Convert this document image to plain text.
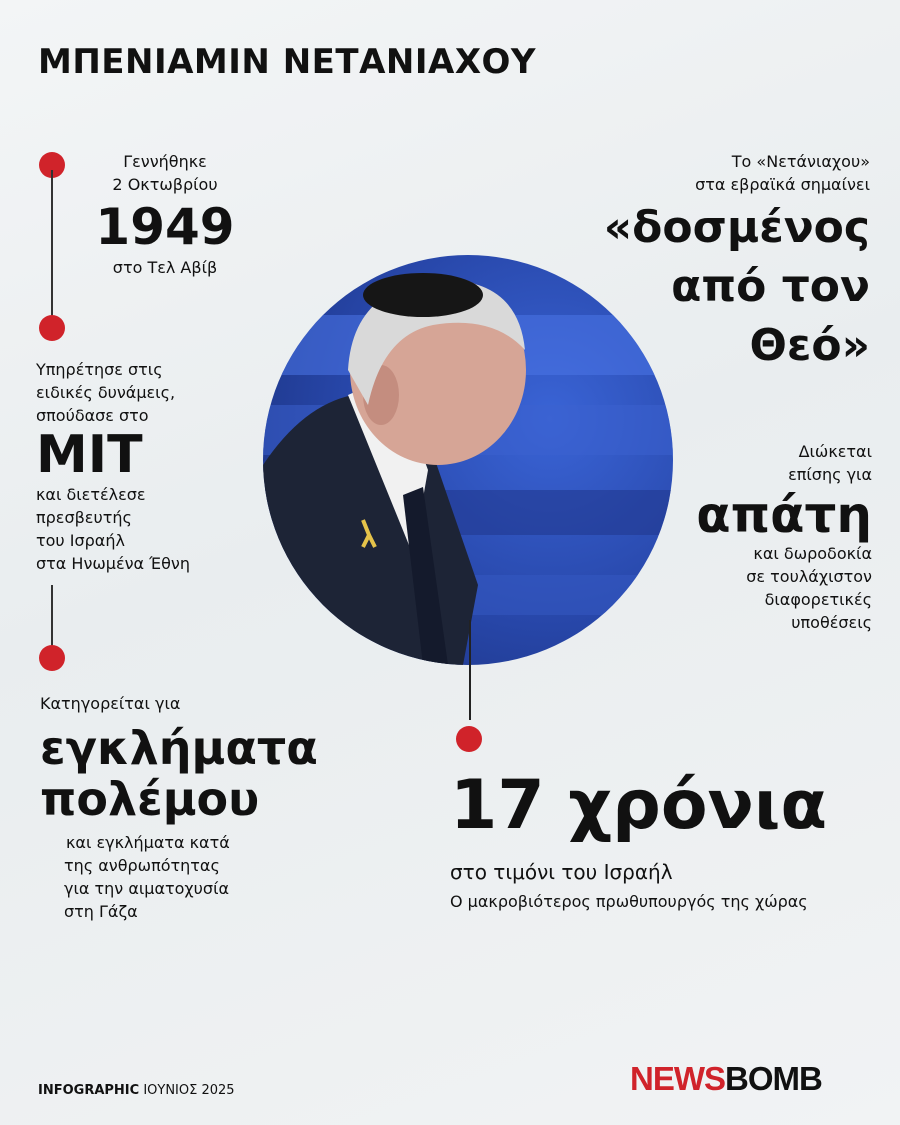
ΜΠΕΝΙΑΜΙΝ ΝΕΤΑΝΙΑΧΟΥ
Γεννήθηκε
2 Οκτωβρίου
1949
στο Τελ Αβίβ
Υπηρέτησε στις
ειδικές δυνάμεις,
σπούδασε στο
MIT
και διετέλεσε
πρεσβευτής
του Ισραήλ
στα Ηνωμένα Έθνη
Κατηγορείται για
εγκλήματα
πολέμου
και εγκλήματα κατά
της ανθρωπότητας
για την αιματοχυσία
στη Γάζα
Το «Νετάνιαχου»
στα εβραϊκά σημαίνει
«δοσμένος
από τον
Θεό»
Διώκεται
επίσης για
απάτη
και δωροδοκία
σε τουλάχιστον
διαφορετικές
υποθέσεις
17 χρόνια
στο τιμόνι του Ισραήλ
Ο μακροβιότερος πρωθυπουργός της χώρας
INFOGRAPHIC ΙΟΥΝΙΟΣ 2025	NEWSBOMB
